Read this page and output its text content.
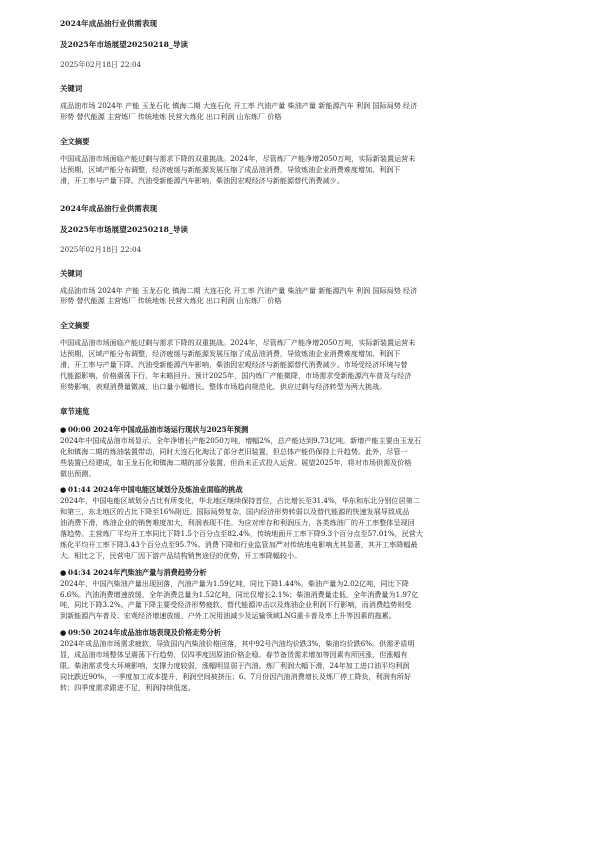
2024年成品油行业供需表现
及2025年市场展望20250218_导读
2025年02月18日 22:04
关键词

成品油市场 2024年 产能 玉龙石化 镇海二期 大连石化 开工率 汽油产量 柴油产量 新能源汽车 利润 国际局势 经济

形势 替代能源 主营炼厂 传统地炼 民营大炼化 出口利润 山东炼厂 价格

全文摘要

中国成品油市场面临产能过剩与需求下降的双重挑战。2024年，尽管炼厂产能净增2050万吨，实际新装置运营未

达预期，区域产能分布调整，经济疲缓与新能源发展压缩了成品油消费，导致炼油企业消费难度增加、利润下

滑，开工率与产量下降。汽油受新能源汽车影响，柴油因宏观经济与新能源替代消费减少。

2024年成品油行业供需表现
及2025年市场展望20250218_导读
2025年02月18日 22:04
关键词

成品油市场 2024年 产能 玉龙石化 镇海二期 大连石化 开工率 汽油产量 柴油产量 新能源汽车 利润 国际局势 经济

形势 替代能源 主营炼厂 传统地炼 民营大炼化 出口利润 山东炼厂 价格

全文摘要

中国成品油市场面临产能过剩与需求下降的双重挑战。2024年，尽管炼厂产能净增2050万吨，实际新装置运营未

达预期，区域产能分布调整，经济疲缓与新能源发展压缩了成品油消费，导致炼油企业消费难度增加、利润下

滑，开工率与产量下降。汽油受新能源汽车影响，柴油因宏观经济与新能源替代消费减少。市场受经济环境与替

代能源影响，价格震荡下行，年末略回升。预计2025年，国内炼厂产能微降，市场需求受新能源汽车普及与经济

形势影响，表观消费量微减，出口量小幅增长。整体市场趋向规范化，供应过剩与经济转型为两大挑战。

章节速览
● 00:00 2024年中国成品油市场运行现状与2025年预测

2024年中国成品油市场显示，全年净增长产能2050万吨，增幅2%，总产能达到9.73亿吨。新增产能主要由玉龙石

化和镇海二期的炼油装置带动，同时大连石化淘汰了部分老旧装置，但总体产能仍保持上升趋势。此外，尽管一

些装置已经建成，如玉龙石化和镇海二期的部分装置，但尚未正式投入运营。展望2025年，将对市场供需及价格

做出预测。

● 01:44 2024年中国电能区域划分及炼油业面临的挑战

2024年，中国电能区域划分占比有所变化，华北地区继续保持首位，占比增长至31.4%，华东和东北分别位居第二

和第三，东北地区的占比下降至16%附近。国际局势复杂，国内经济形势转弱以及替代能源的快速发展导致成品

油消费下滑，炼油企业的销售难度加大，利润表现不佳。为应对库存和利润压力，各类炼油厂的开工率整体呈现回

落趋势。主营炼厂平均开工率同比下降1.5个百分点至82.4%，传统地面开工率下降9.3个百分点至57.01%，民营大

炼化平均开工率下降3.43个百分点至95.7%。消费下降和行业监管加严对传统地电影响尤其显著，其开工率降幅最

大。相比之下，民营电厂因下游产品结构销售途径的优势，开工率降幅较小。

● 04:34 2024年汽柴油产量与消费趋势分析

2024年，中国汽柴油产量出现回落，汽油产量为1.59亿吨，同比下降1.44%，柴油产量为2.02亿吨，同比下降

6.6%。汽油消费增速放缓，全年消费总量为1.52亿吨，同比仅增长2.1%；柴油消费量走低，全年消费量为1.97亿

吨，同比下降3.2%。产量下降主要受经济形势疲软、替代能源冲击以及炼油企业利润下行影响，而消费趋势则受

到新能源汽车普及、宏观经济增速放缓、户外工况用油减少及运输领域LNG重卡普及率上升等因素的拖累。

● 09:50 2024年成品油市场表现及价格走势分析

2024年成品油市场需求疲软，导致国内汽柴油价格回落，其中92号汽油均价跌3%，柴油均价跌6%。供需矛盾明

显，成品油市场整体呈震荡下行趋势，仅四季度因原油价格企稳、春节备货需求增加等因素有所回涨，但涨幅有

限。柴油需求受大环境影响，支撑力度较弱，涨幅明显弱于汽油。炼厂利润大幅下滑，24年加工进口油平均利润

同比跌近90%，一季度加工成本提升，利润空间被挤压；6、7月份因汽油消费增长及炼厂停工降负，利润有所好

转；四季度需求跟进不足，利润持续低迷。
